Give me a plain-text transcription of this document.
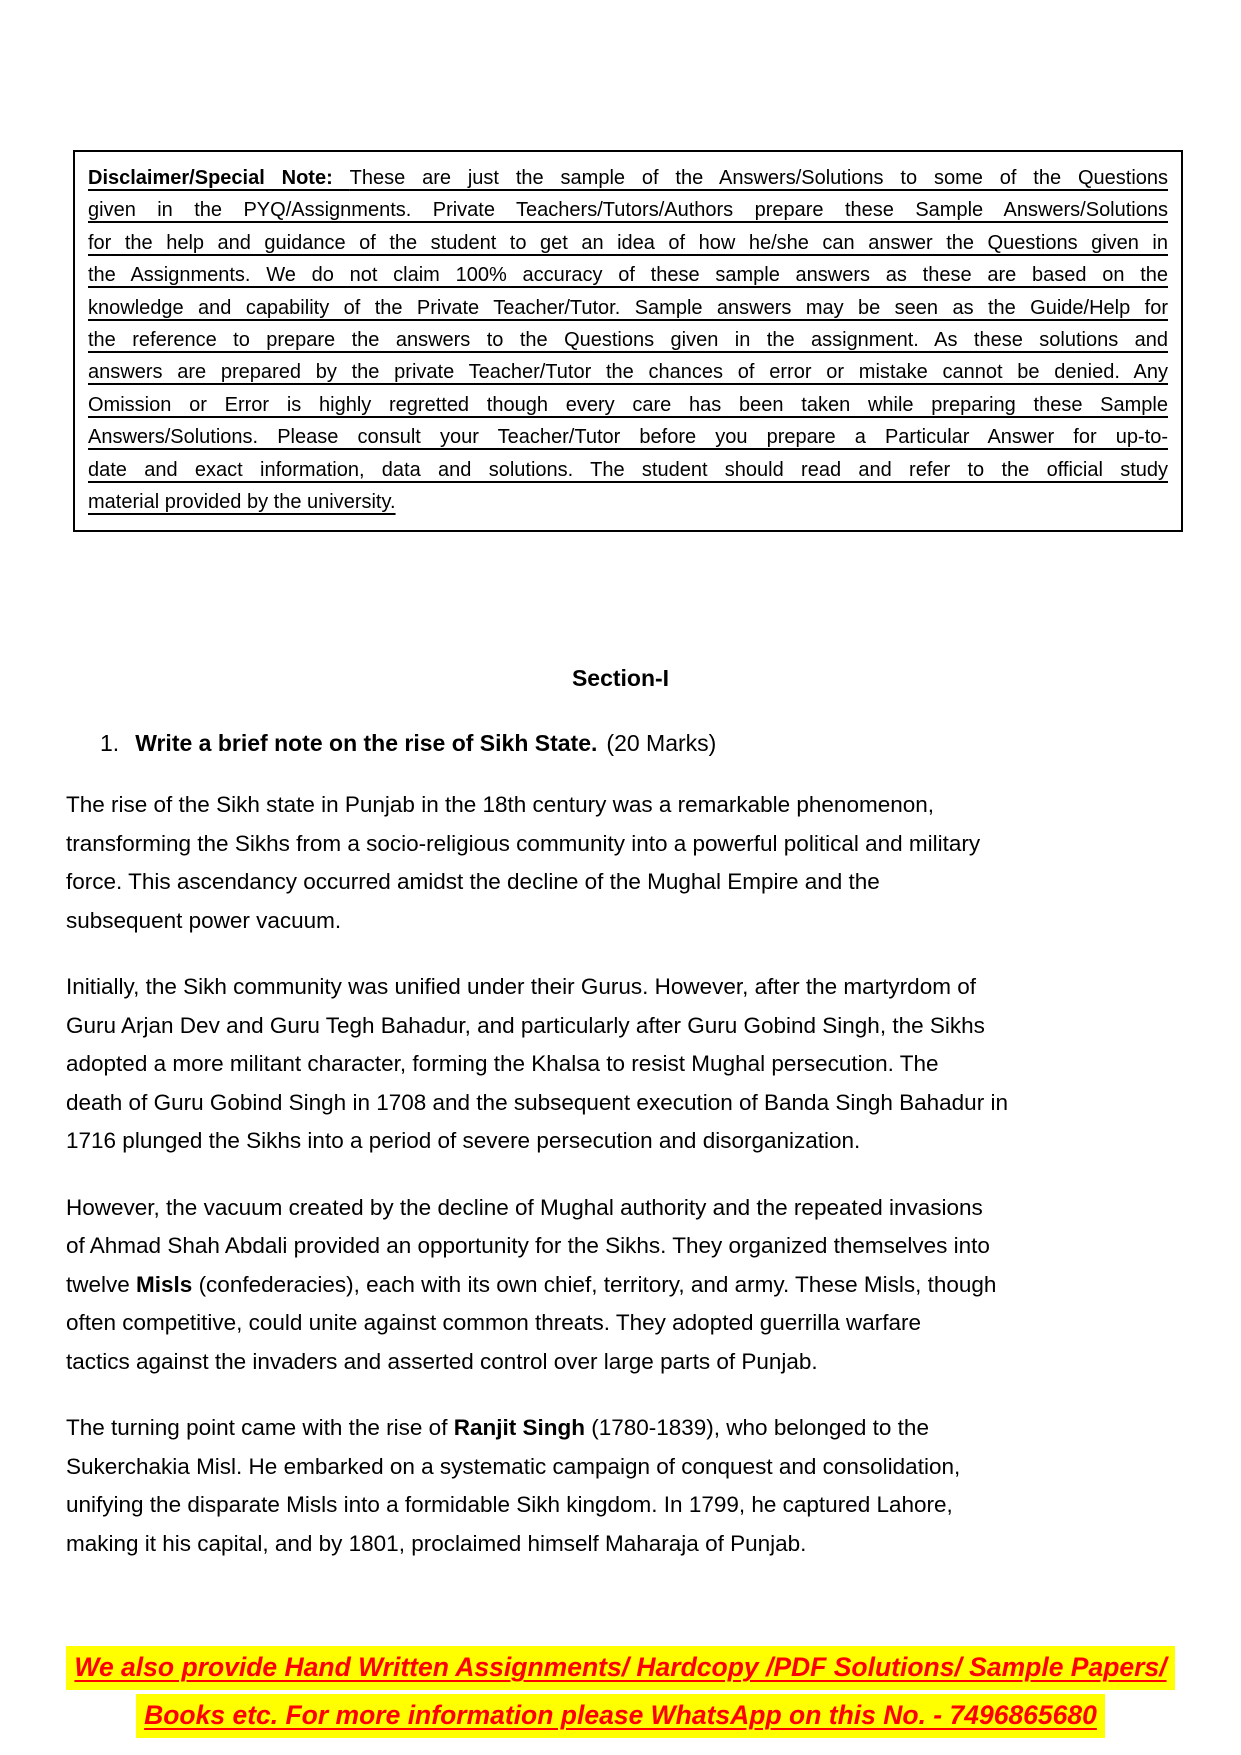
Disclaimer/Special Note: These are just the sample of the Answers/Solutions to some of the Questions
given in the PYQ/Assignments. Private Teachers/Tutors/Authors prepare these Sample Answers/Solutions
for the help and guidance of the student to get an idea of how he/she can answer the Questions given in
the Assignments. We do not claim 100% accuracy of these sample answers as these are based on the
knowledge and capability of the Private Teacher/Tutor. Sample answers may be seen as the Guide/Help for
the reference to prepare the answers to the Questions given in the assignment. As these solutions and
answers are prepared by the private Teacher/Tutor the chances of error or mistake cannot be denied. Any
Omission or Error is highly regretted though every care has been taken while preparing these Sample
Answers/Solutions. Please consult your Teacher/Tutor before you prepare a Particular Answer for up-to-
date and exact information, data and solutions. The student should read and refer to the official study
material provided by the university.
Section-I
1. Write a brief note on the rise of Sikh State. (20 Marks)
The rise of the Sikh state in Punjab in the 18th century was a remarkable phenomenon,
transforming the Sikhs from a socio-religious community into a powerful political and military
force. This ascendancy occurred amidst the decline of the Mughal Empire and the
subsequent power vacuum.
Initially, the Sikh community was unified under their Gurus. However, after the martyrdom of
Guru Arjan Dev and Guru Tegh Bahadur, and particularly after Guru Gobind Singh, the Sikhs
adopted a more militant character, forming the Khalsa to resist Mughal persecution. The
death of Guru Gobind Singh in 1708 and the subsequent execution of Banda Singh Bahadur in
1716 plunged the Sikhs into a period of severe persecution and disorganization.
However, the vacuum created by the decline of Mughal authority and the repeated invasions
of Ahmad Shah Abdali provided an opportunity for the Sikhs. They organized themselves into
twelve Misls (confederacies), each with its own chief, territory, and army. These Misls, though
often competitive, could unite against common threats. They adopted guerrilla warfare
tactics against the invaders and asserted control over large parts of Punjab.
The turning point came with the rise of Ranjit Singh (1780-1839), who belonged to the
Sukerchakia Misl. He embarked on a systematic campaign of conquest and consolidation,
unifying the disparate Misls into a formidable Sikh kingdom. In 1799, he captured Lahore,
making it his capital, and by 1801, proclaimed himself Maharaja of Punjab.
We also provide Hand Written Assignments/ Hardcopy /PDF Solutions/ Sample Papers/
Books etc. For more information please WhatsApp on this No. - 7496865680
